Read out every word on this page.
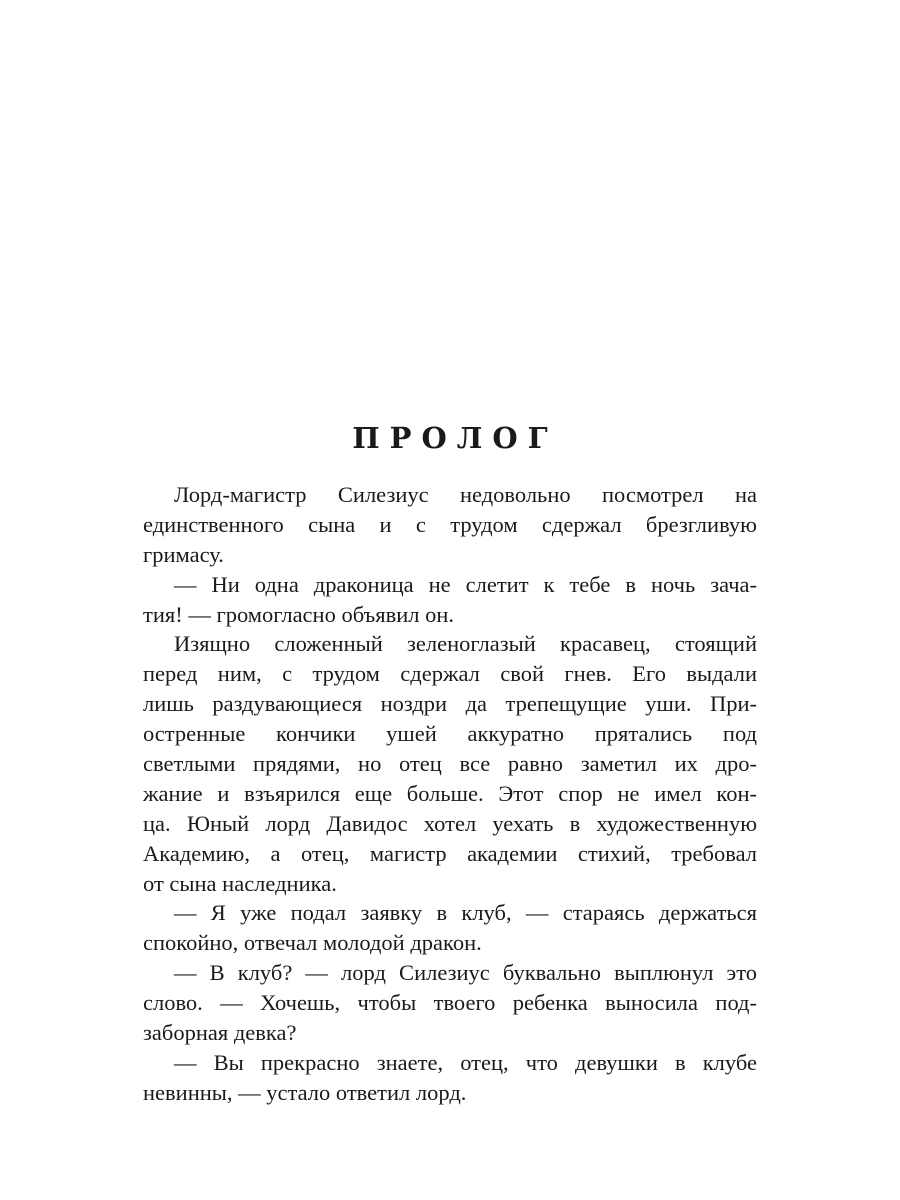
ПРОЛОГ
Лорд-магистр Силезиус недовольно посмотрел на
единственного сына и с трудом сдержал брезгливую
гримасу.
— Ни одна драконица не слетит к тебе в ночь зача-
тия! — громогласно объявил он.
Изящно сложенный зеленоглазый красавец, стоящий
перед ним, с трудом сдержал свой гнев. Его выдали
лишь раздувающиеся ноздри да трепещущие уши. При-
остренные кончики ушей аккуратно прятались под
светлыми прядями, но отец все равно заметил их дро-
жание и взъярился еще больше. Этот спор не имел кон-
ца. Юный лорд Давидос хотел уехать в художественную
Академию, а отец, магистр академии стихий, требовал
от сына наследника.
— Я уже подал заявку в клуб, — стараясь держаться
спокойно, отвечал молодой дракон.
— В клуб? — лорд Силезиус буквально выплюнул это
слово. — Хочешь, чтобы твоего ребенка выносила под-
заборная девка?
— Вы прекрасно знаете, отец, что девушки в клубе
невинны, — устало ответил лорд.
